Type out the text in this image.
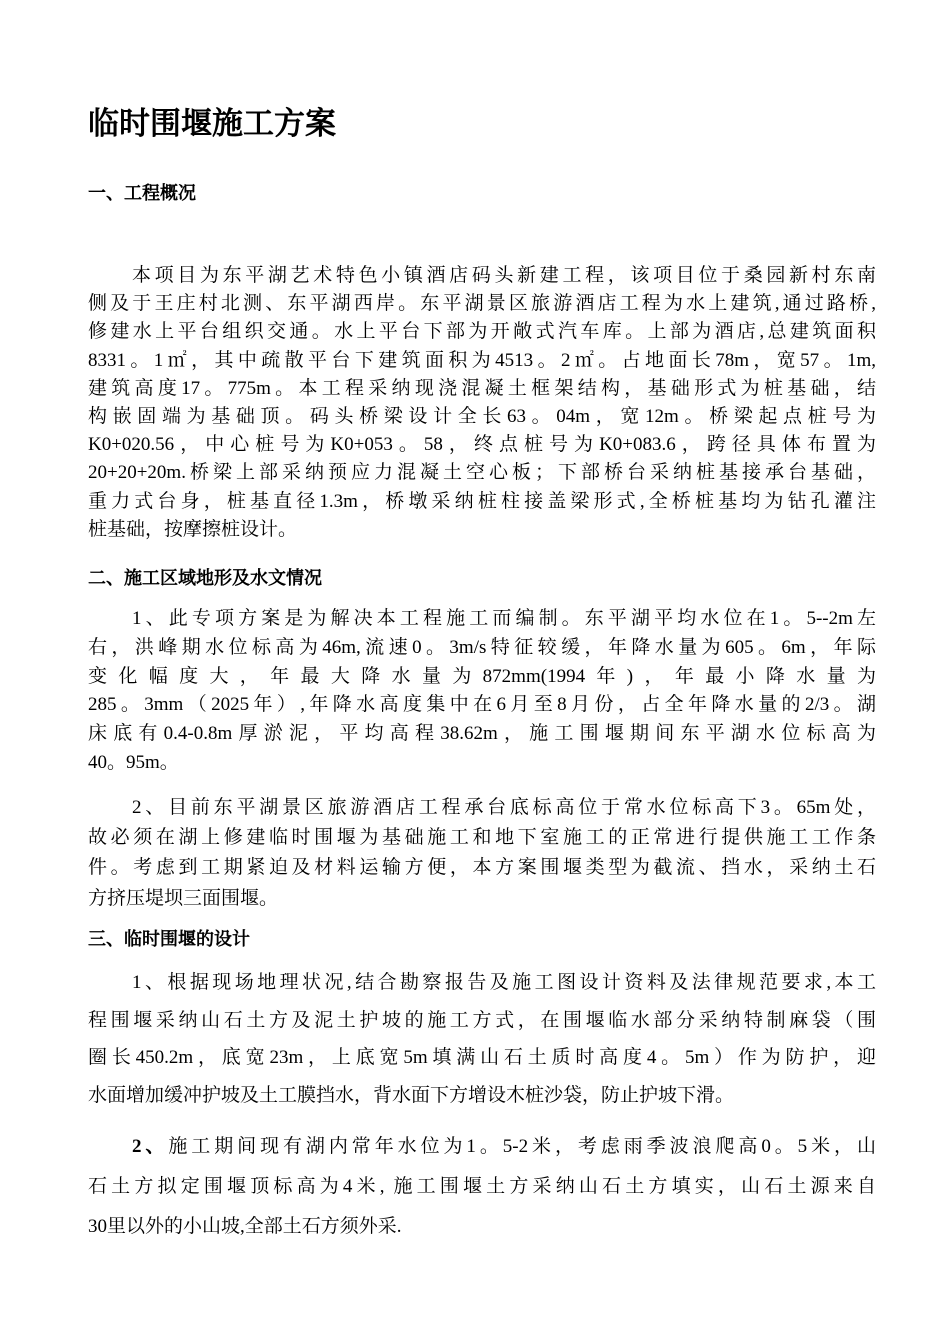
临时围堰施工方案
一、工程概况

本项目为东平湖艺术特色小镇酒店码头新建工程，该项目位于桑园新村东南
侧及于王庄村北测、东平湖西岸。东平湖景区旅游酒店工程为水上建筑,通过路桥,
修建水上平台组织交通。水上平台下部为开敞式汽车库。上部为酒店,总建筑面积
8331。1㎡，其中疏散平台下建筑面积为4513。2㎡。占地面长78m，宽57。1m,
建筑高度17。775m。本工程采纳现浇混凝土框架结构，基础形式为桩基础，结
构嵌固端为基础顶。码头桥梁设计全长63。04m，宽12m。桥梁起点桩号为
K0+020.56，中心桩号为K0+053。58，终点桩号为K0+083.6，跨径具体布置为
20+20+20m.桥梁上部采纳预应力混凝土空心板；下部桥台采纳桩基接承台基础，
重力式台身，桩基直径1.3m，桥墩采纳桩柱接盖梁形式,全桥桩基均为钻孔灌注
桩基础，按摩擦桩设计。

二、施工区域地形及水文情况

1、此专项方案是为解决本工程施工而编制。东平湖平均水位在1。5--2m左
右，洪峰期水位标高为46m,流速0。3m/s特征较缓，年降水量为605。6m，年际
变化幅度大，年最大降水量为872mm(1994年)，年最小降水量为
285。3mm（2025年）,年降水高度集中在6月至8月份，占全年降水量的2/3。湖
床底有0.4-0.8m厚淤泥，平均高程38.62m，施工围堰期间东平湖水位标高为
40。95m。

2、目前东平湖景区旅游酒店工程承台底标高位于常水位标高下3。65m处，
故必须在湖上修建临时围堰为基础施工和地下室施工的正常进行提供施工工作条
件。考虑到工期紧迫及材料运输方便，本方案围堰类型为截流、挡水，采纳土石
方挤压堤坝三面围堰。

三、临时围堰的设计

1、根据现场地理状况,结合勘察报告及施工图设计资料及法律规范要求,本工
程围堰采纳山石土方及泥土护坡的施工方式，在围堰临水部分采纳特制麻袋（围
圈长450.2m，底宽23m，上底宽5m填满山石土质时高度4。5m）作为防护，迎
水面增加缓冲护坡及土工膜挡水，背水面下方增设木桩沙袋，防止护坡下滑。

2、施工期间现有湖内常年水位为1。5-2米，考虑雨季波浪爬高0。5米，山
石土方拟定围堰顶标高为4米, 施工围堰土方采纳山石土方填实，山石土源来自
30里以外的小山坡,全部土石方须外采.
